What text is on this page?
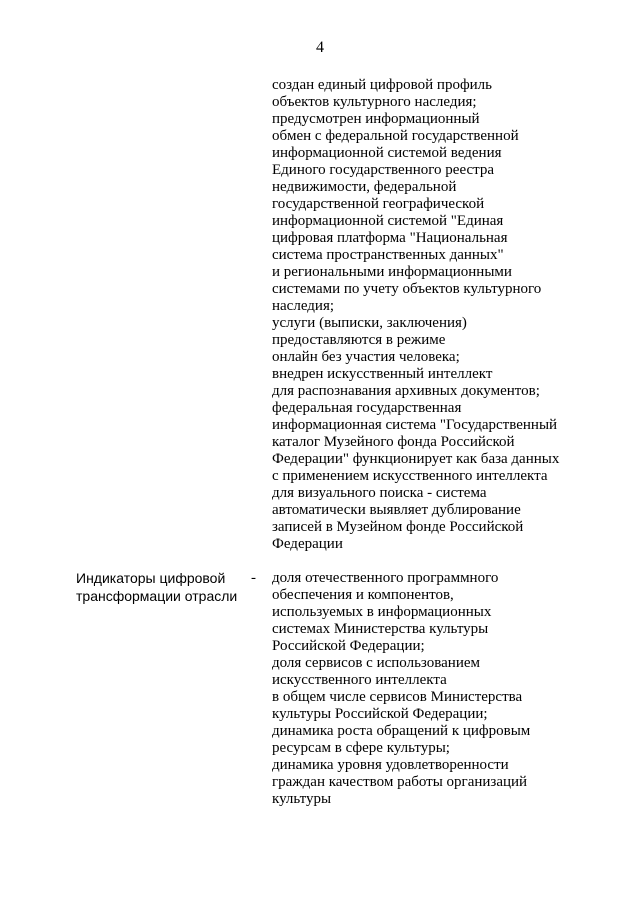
4
создан единый цифровой профиль
объектов культурного наследия;
предусмотрен информационный
обмен с федеральной государственной
информационной системой ведения
Единого государственного реестра
недвижимости, федеральной
государственной географической
информационной системой "Единая
цифровая платформа "Национальная
система пространственных данных"
и региональными информационными
системами по учету объектов культурного
наследия;
услуги (выписки, заключения)
предоставляются в режиме
онлайн без участия человека;
внедрен искусственный интеллект
для распознавания архивных документов;
федеральная государственная
информационная система "Государственный
каталог Музейного фонда Российской
Федерации" функционирует как база данных
с применением искусственного интеллекта
для визуального поиска - система
автоматически выявляет дублирование
записей в Музейном фонде Российской
Федерации
Индикаторы цифровой
трансформации отрасли
- доля отечественного программного
обеспечения и компонентов,
используемых в информационных
системах Министерства культуры
Российской Федерации;
доля сервисов с использованием
искусственного интеллекта
в общем числе сервисов Министерства
культуры Российской Федерации;
динамика роста обращений к цифровым
ресурсам в сфере культуры;
динамика уровня удовлетворенности
граждан качеством работы организаций
культуры
